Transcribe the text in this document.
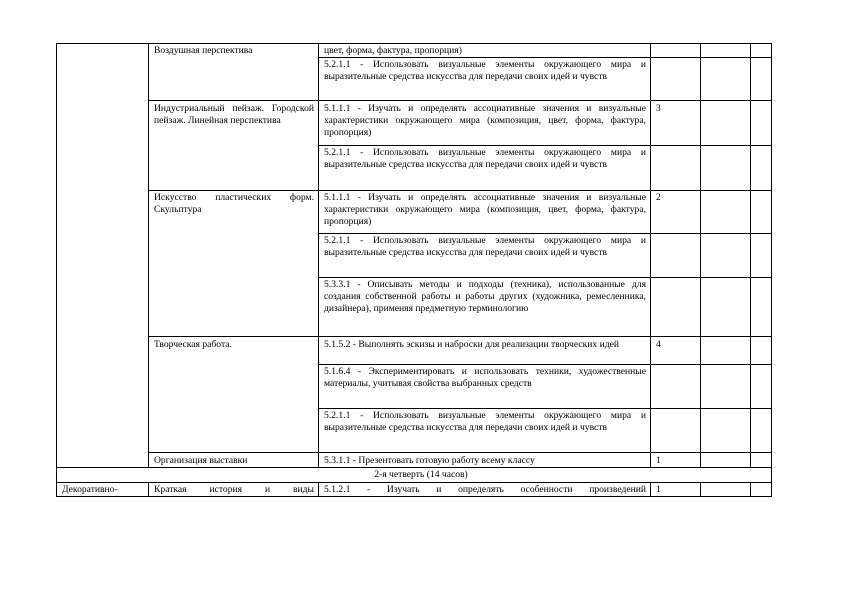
Воздушная перспектива
Индустриальный пейзаж. Городской пейзаж. Линейная перспектива
Искусство пластических форм. Скульптура
Творческая работа.
Организация выставки
Краткая история и виды
Декоративно-
2-я четверть (14 часов)
цвет, форма, фактура, пропорция)
5.2.1.1 - Использовать визуальные элементы окружающего мира и выразительные средства искусства для передачи своих идей и чувств
5.1.1.1 - Изучать и определять ассоциативные значения и визуальные характеристики окружающего мира (композиция, цвет, форма, фактура, пропорция)
5.2.1.1 - Использовать визуальные элементы окружающего мира и выразительные средства искусства для передачи своих идей и чувств
5.1.1.1 - Изучать и определять ассоциативные значения и визуальные характеристики окружающего мира (композиция, цвет, форма, фактура, пропорция)
5.2.1.1 - Использовать визуальные элементы окружающего мира и выразительные средства искусства для передачи своих идей и чувств
5.3.3.1 - Описывать методы и подходы (техника), использованные для создания собственной работы и работы других (художника, ремесленника, дизайнера), применяя предметную терминологию
5.1.5.2 - Выполнять эскизы и наброски для реализации творческих идей
5.1.6.4 - Экспериментировать и использовать техники, художественные материалы, учитывая свойства выбранных средств
5.2.1.1 - Использовать визуальные элементы окружающего мира и выразительные средства искусства для передачи своих идей и чувств
5.3.1.1 - Презентовать готовую работу всему классу
5.1.2.1 - Изучать и определять особенности произведений
3
2
4
1
1
